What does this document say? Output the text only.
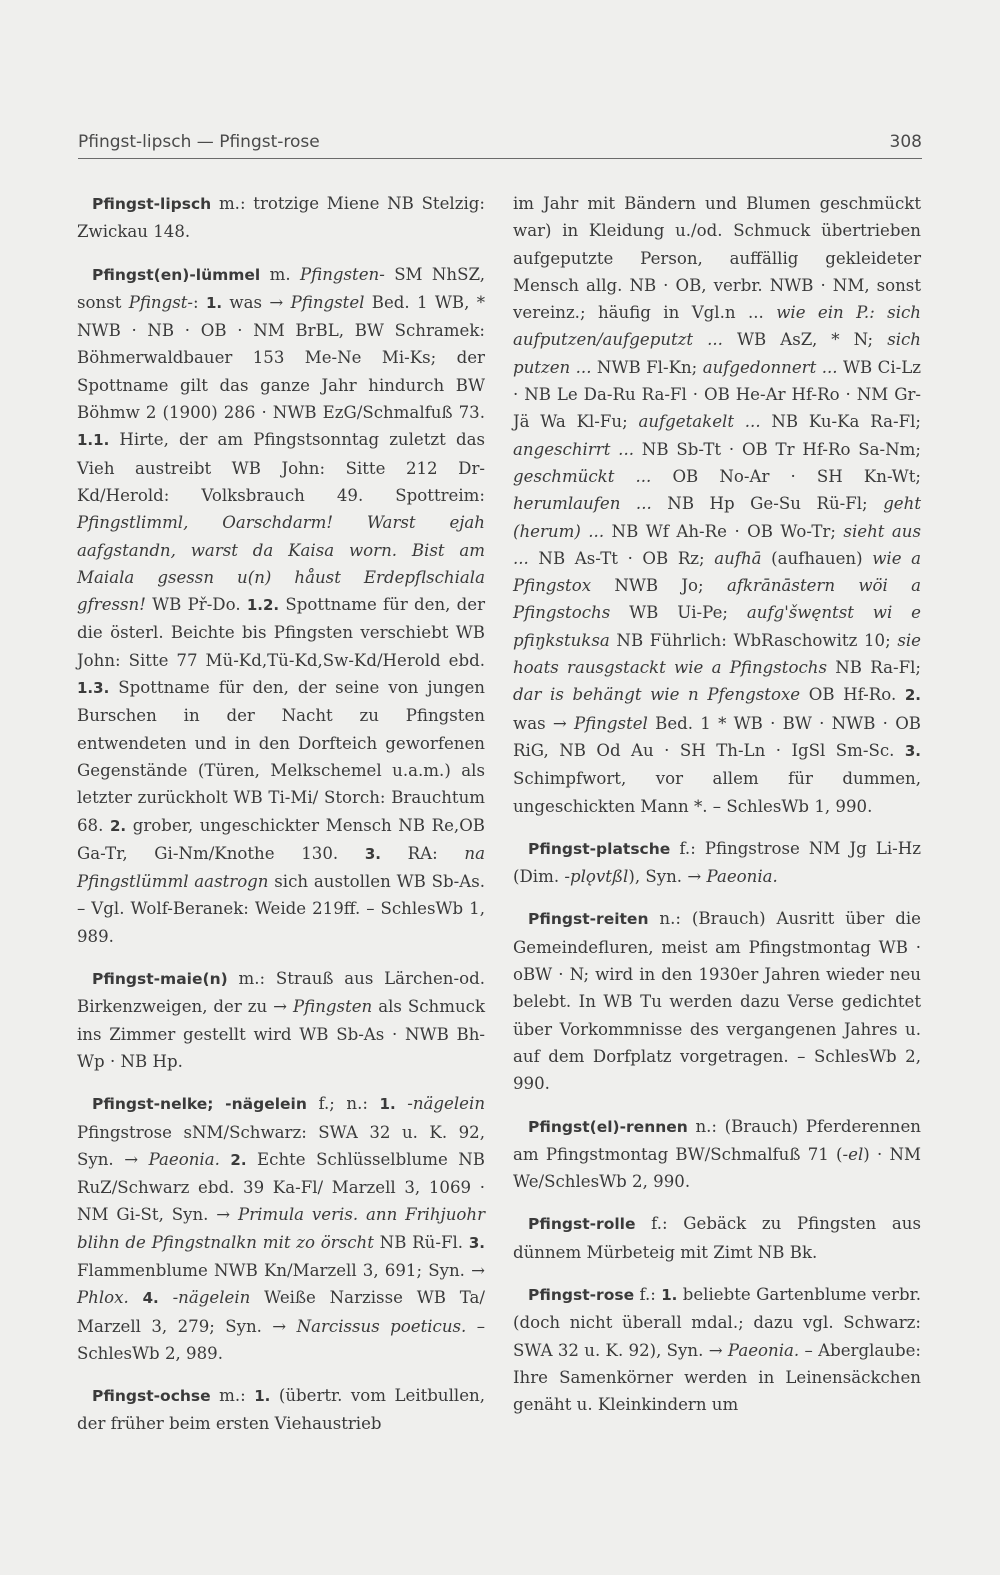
Pfingst-lipsch — Pfingst-rose	308

Pfingst-lipsch m.: trotzige Miene NB Stelzig: Zwickau 148.

Pfingst(en)-lümmel m. Pfingsten- SM NhSZ, sonst Pfingst-: 1. was → Pfingstel Bed. 1 WB, * NWB · NB · OB · NM BrBL, BW Schramek: Böhmerwaldbauer 153 Me-Ne Mi-Ks; der Spottname gilt das ganze Jahr hindurch BW Böhmw 2 (1900) 286 · NWB EzG/Schmalfuß 73. 1.1. Hirte, der am Pfingstsonntag zuletzt das Vieh austreibt WB John: Sitte 212 Dr-Kd/Herold: Volksbrauch 49. Spottreim: Pfingstlimml, Oarschdarm! Warst ejah aafgstandn, warst da Kaisa worn. Bist am Maiala gsessn u(n) håust Erdepflschiala gfressn! WB Př-Do. 1.2. Spottname für den, der die österl. Beichte bis Pfingsten verschiebt WB John: Sitte 77 Mü-Kd,Tü-Kd,Sw-Kd/Herold ebd. 1.3. Spottname für den, der seine von jungen Burschen in der Nacht zu Pfingsten entwendeten und in den Dorfteich geworfenen Gegenstände (Türen, Melkschemel u.a.m.) als letzter zurückholt WB Ti-Mi/ Storch: Brauchtum 68. 2. grober, ungeschickter Mensch NB Re,OB Ga-Tr, Gi-Nm/Knothe 130. 3. RA: na Pfingstlümml aastrogn sich austollen WB Sb-As. – Vgl. Wolf-Beranek: Weide 219ff. – SchlesWb 1, 989.

Pfingst-maie(n) m.: Strauß aus Lärchen-od. Birkenzweigen, der zu → Pfingsten als Schmuck ins Zimmer gestellt wird WB Sb-As · NWB Bh-Wp · NB Hp.

Pfingst-nelke; -nägelein f.; n.: 1. -nägelein Pfingstrose sNM/Schwarz: SWA 32 u. K. 92, Syn. → Paeonia. 2. Echte Schlüsselblume NB RuZ/Schwarz ebd. 39 Ka-Fl/ Marzell 3, 1069 · NM Gi-St, Syn. → Primula veris. ann Frihjuohr blihn de Pfingstnalkn mit zo örscht NB Rü-Fl. 3. Flammenblume NWB Kn/Marzell 3, 691; Syn. → Phlox. 4. -nägelein Weiße Narzisse WB Ta/ Marzell 3, 279; Syn. → Narcissus poeticus. – SchlesWb 2, 989.

Pfingst-ochse m.: 1. (übertr. vom Leitbullen, der früher beim ersten Viehaustrieb

im Jahr mit Bändern und Blumen geschmückt war) in Kleidung u./od. Schmuck übertrieben aufgeputzte Person, auffällig gekleideter Mensch allg. NB · OB, verbr. NWB · NM, sonst vereinz.; häufig in Vgl.n ... wie ein P.: sich aufputzen/aufgeputzt ... WB AsZ, * N; sich putzen ... NWB Fl-Kn; aufgedonnert ... WB Ci-Lz · NB Le Da-Ru Ra-Fl · OB He-Ar Hf-Ro · NM Gr-Jä Wa Kl-Fu; aufgetakelt ... NB Ku-Ka Ra-Fl; angeschirrt ... NB Sb-Tt · OB Tr Hf-Ro Sa-Nm; geschmückt ... OB No-Ar · SH Kn-Wt; herumlaufen ... NB Hp Ge-Su Rü-Fl; geht (herum) ... NB Wf Ah-Re · OB Wo-Tr; sieht aus ... NB As-Tt · OB Rz; aufhā (aufhauen) wie a Pfingstox NWB Jo; afkrānāstern wöi a Pfingstochs WB Ui-Pe; aufg'šwęntst wi e pfiŋkstuksa NB Führlich: WbRaschowitz 10; sie hoats rausgstackt wie a Pfingstochs NB Ra-Fl; dar is behängt wie n Pfengstoxe OB Hf-Ro. 2. was → Pfingstel Bed. 1 * WB · BW · NWB · OB RiG, NB Od Au · SH Th-Ln · IgSl Sm-Sc. 3. Schimpfwort, vor allem für dummen, ungeschickten Mann *. – SchlesWb 1, 990.

Pfingst-platsche f.: Pfingstrose NM Jg Li-Hz (Dim. -plǫvtßl), Syn. → Paeonia.

Pfingst-reiten n.: (Brauch) Ausritt über die Gemeindefluren, meist am Pfingstmontag WB · oBW · N; wird in den 1930er Jahren wieder neu belebt. In WB Tu werden dazu Verse gedichtet über Vorkommnisse des vergangenen Jahres u. auf dem Dorfplatz vorgetragen. – SchlesWb 2, 990.

Pfingst(el)-rennen n.: (Brauch) Pferderennen am Pfingstmontag BW/Schmalfuß 71 (-el) · NM We/SchlesWb 2, 990.

Pfingst-rolle f.: Gebäck zu Pfingsten aus dünnem Mürbeteig mit Zimt NB Bk.

Pfingst-rose f.: 1. beliebte Gartenblume verbr. (doch nicht überall mdal.; dazu vgl. Schwarz: SWA 32 u. K. 92), Syn. → Paeonia. – Aberglaube: Ihre Samenkörner werden in Leinensäckchen genäht u. Kleinkindern um
